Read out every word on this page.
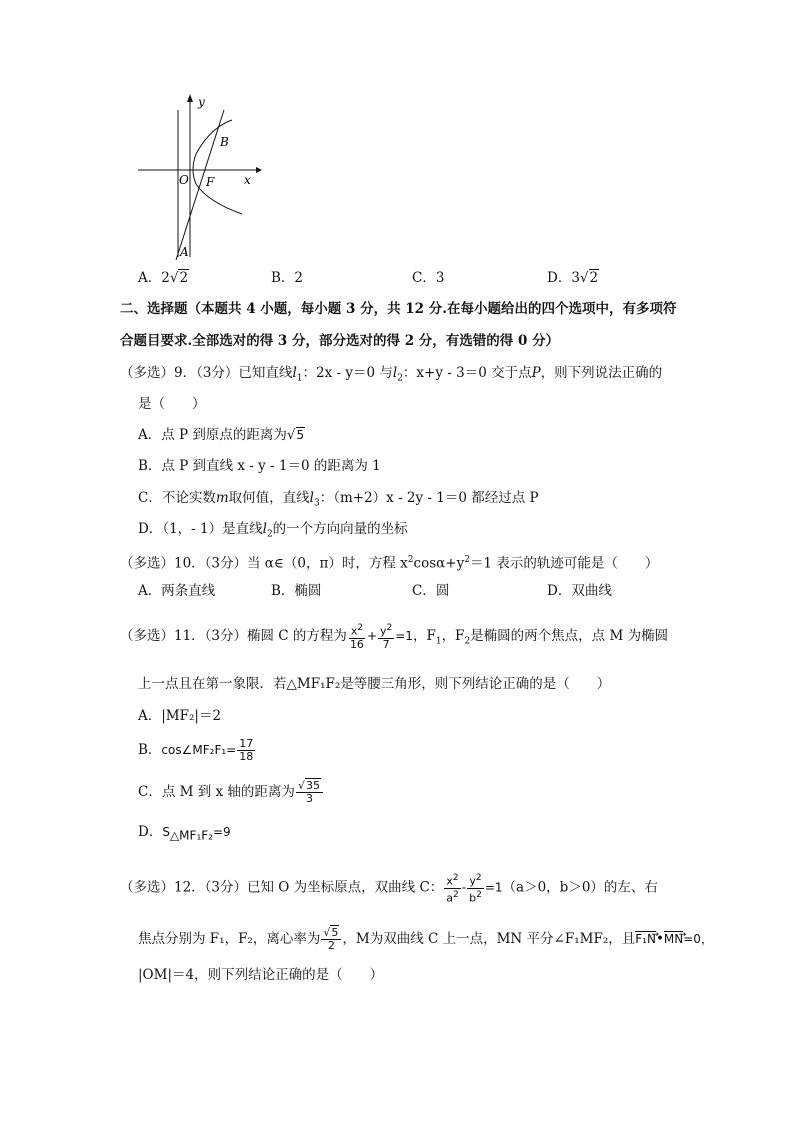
y
x
O F
B
A
A．2√2	B．2	C．3	D．3√2
二、选择题（本题共 4 小题，每小题 3 分，共 12 分.在每小题给出的四个选项中，有多项符
合题目要求.全部选对的得 3 分，部分选对的得 2 分，有选错的得 0 分）
（多选）9．（3分）已知直线$l_1$：2x - y＝0 与$l_2$：x+y - 3＝0 交于点P，则下列说法正确的
是（　　）
A．点 P 到原点的距离为√5
B．点 P 到直线 x - y - 1＝0 的距离为 1
C．不论实数m取何值，直线$l_3$：（m+2）x - 2y - 1＝0 都经过点 P
D．（1，- 1）是直线$l_2$的一个方向向量的坐标
（多选）10．（3分）当 α∈（0，π）时，方程 $x^2\cos\alpha+y^2=1$ 表示的轨迹可能是（　　）
A．两条直线	B．椭圆	C．圆	D．双曲线
（多选）11．（3分）椭圆 C 的方程为 $\frac{x^2}{16} + \frac{y^2}{7} =1$，$F_1$，$F_2$是椭圆的两个焦点，点 M 为椭圆
上一点且在第一象限．若△MF₁F₂是等腰三角形，则下列结论正确的是（　　）
A．|MF₂|＝2
B．cos∠MF₂F₁= $\frac{17}{18}$
C．点 M 到 x 轴的距离为 $\frac{√35}{3}$
D．$S_{\triangle MF_1F_2}=9$
（多选）12．（3分）已知 O 为坐标原点，双曲线 C： $\frac{x^2}{a^2} - \frac{y^2}{b^2} =1(a>0$，b＞0）的左、右
焦点分别为 F₁，F₂，离心率为 $\frac{√5}{2}$ ，M为双曲线 C 上一点，MN 平分∠F₁MF₂，且F₁N →•MN →=0，
|OM|＝4，则下列结论正确的是（　　）
